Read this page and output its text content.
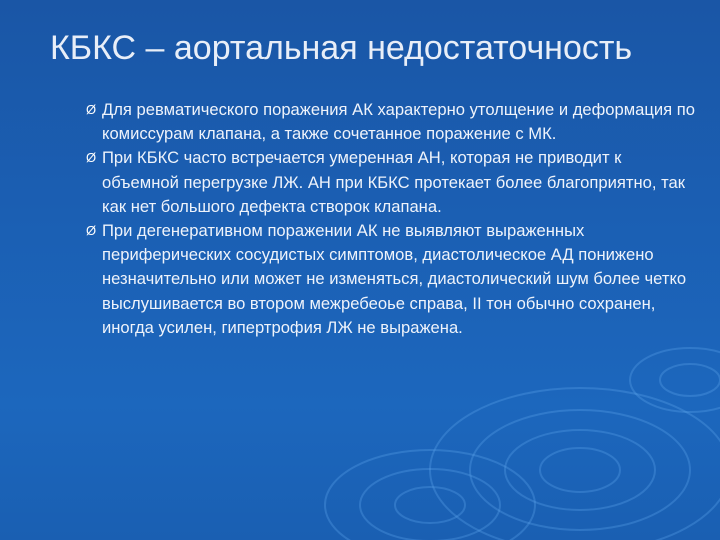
КБКС – аортальная недостаточность
Ø Для ревматического поражения АК характерно утолщение и деформация по комиссурам клапана, а также сочетанное поражение с МК.
Ø При КБКС часто встречается умеренная АН, которая не приводит к объемной перегрузке ЛЖ. АН при КБКС протекает более благоприятно, так как нет большого дефекта створок клапана.
Ø При дегенеративном поражении АК не выявляют выраженных периферических сосудистых симптомов, диастолическое АД понижено незначительно или может не изменяться, диастолический шум более четко выслушивается во втором межребеоье справа, II тон обычно сохранен, иногда усилен, гипертрофия ЛЖ не выражена.
